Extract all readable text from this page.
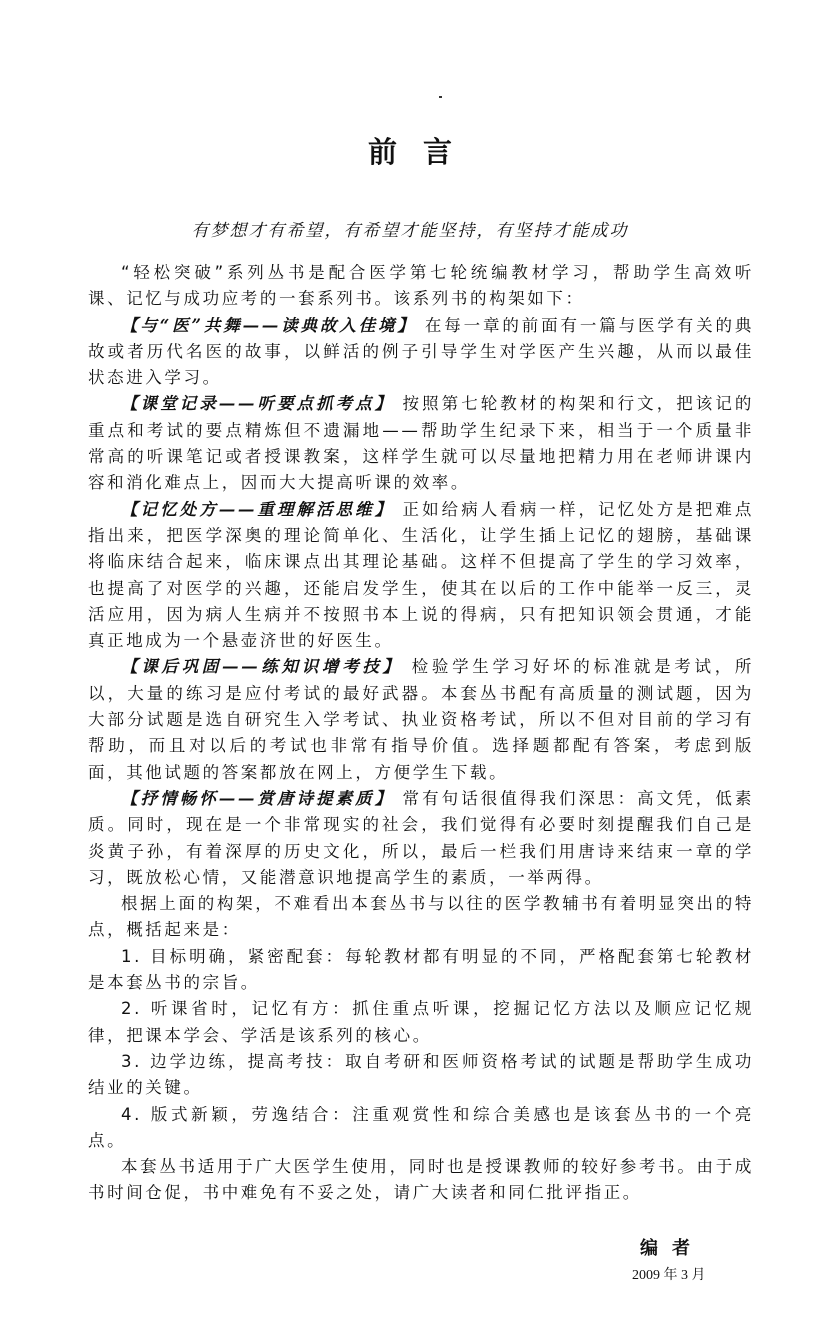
前言
有梦想才有希望，有希望才能坚持，有坚持才能成功

“轻松突破”系列丛书是配合医学第七轮统编教材学习，帮助学生高效听课、记忆与成功应考的一套系列书。该系列书的构架如下：

【与“医”共舞——读典故入佳境】 在每一章的前面有一篇与医学有关的典故或者历代名医的故事，以鲜活的例子引导学生对学医产生兴趣，从而以最佳状态进入学习。

【课堂记录——听要点抓考点】 按照第七轮教材的构架和行文，把该记的重点和考试的要点精炼但不遗漏地——帮助学生纪录下来，相当于一个质量非常高的听课笔记或者授课教案，这样学生就可以尽量地把精力用在老师讲课内容和消化难点上，因而大大提高听课的效率。

【记忆处方——重理解活思维】 正如给病人看病一样，记忆处方是把难点指出来，把医学深奥的理论简单化、生活化，让学生插上记忆的翅膀，基础课将临床结合起来，临床课点出其理论基础。这样不但提高了学生的学习效率，也提高了对医学的兴趣，还能启发学生，使其在以后的工作中能举一反三，灵活应用，因为病人生病并不按照书本上说的得病，只有把知识领会贯通，才能真正地成为一个悬壶济世的好医生。

【课后巩固——练知识增考技】 检验学生学习好坏的标准就是考试，所以，大量的练习是应付考试的最好武器。本套丛书配有高质量的测试题，因为大部分试题是选自研究生入学考试、执业资格考试，所以不但对目前的学习有帮助，而且对以后的考试也非常有指导价值。选择题都配有答案，考虑到版面，其他试题的答案都放在网上，方便学生下载。

【抒情畅怀——赏唐诗提素质】 常有句话很值得我们深思：高文凭，低素质。同时，现在是一个非常现实的社会，我们觉得有必要时刻提醒我们自己是炎黄子孙，有着深厚的历史文化，所以，最后一栏我们用唐诗来结束一章的学习，既放松心情，又能潜意识地提高学生的素质，一举两得。

根据上面的构架，不难看出本套丛书与以往的医学教辅书有着明显突出的特点，概括起来是：

1. 目标明确，紧密配套：每轮教材都有明显的不同，严格配套第七轮教材是本套丛书的宗旨。

2. 听课省时，记忆有方：抓住重点听课，挖掘记忆方法以及顺应记忆规律，把课本学会、学活是该系列的核心。

3. 边学边练，提高考技：取自考研和医师资格考试的试题是帮助学生成功结业的关键。

4. 版式新颖，劳逸结合：注重观赏性和综合美感也是该套丛书的一个亮点。

本套丛书适用于广大医学生使用，同时也是授课教师的较好参考书。由于成书时间仓促，书中难免有不妥之处，请广大读者和同仁批评指正。

编者
2009 年 3 月
